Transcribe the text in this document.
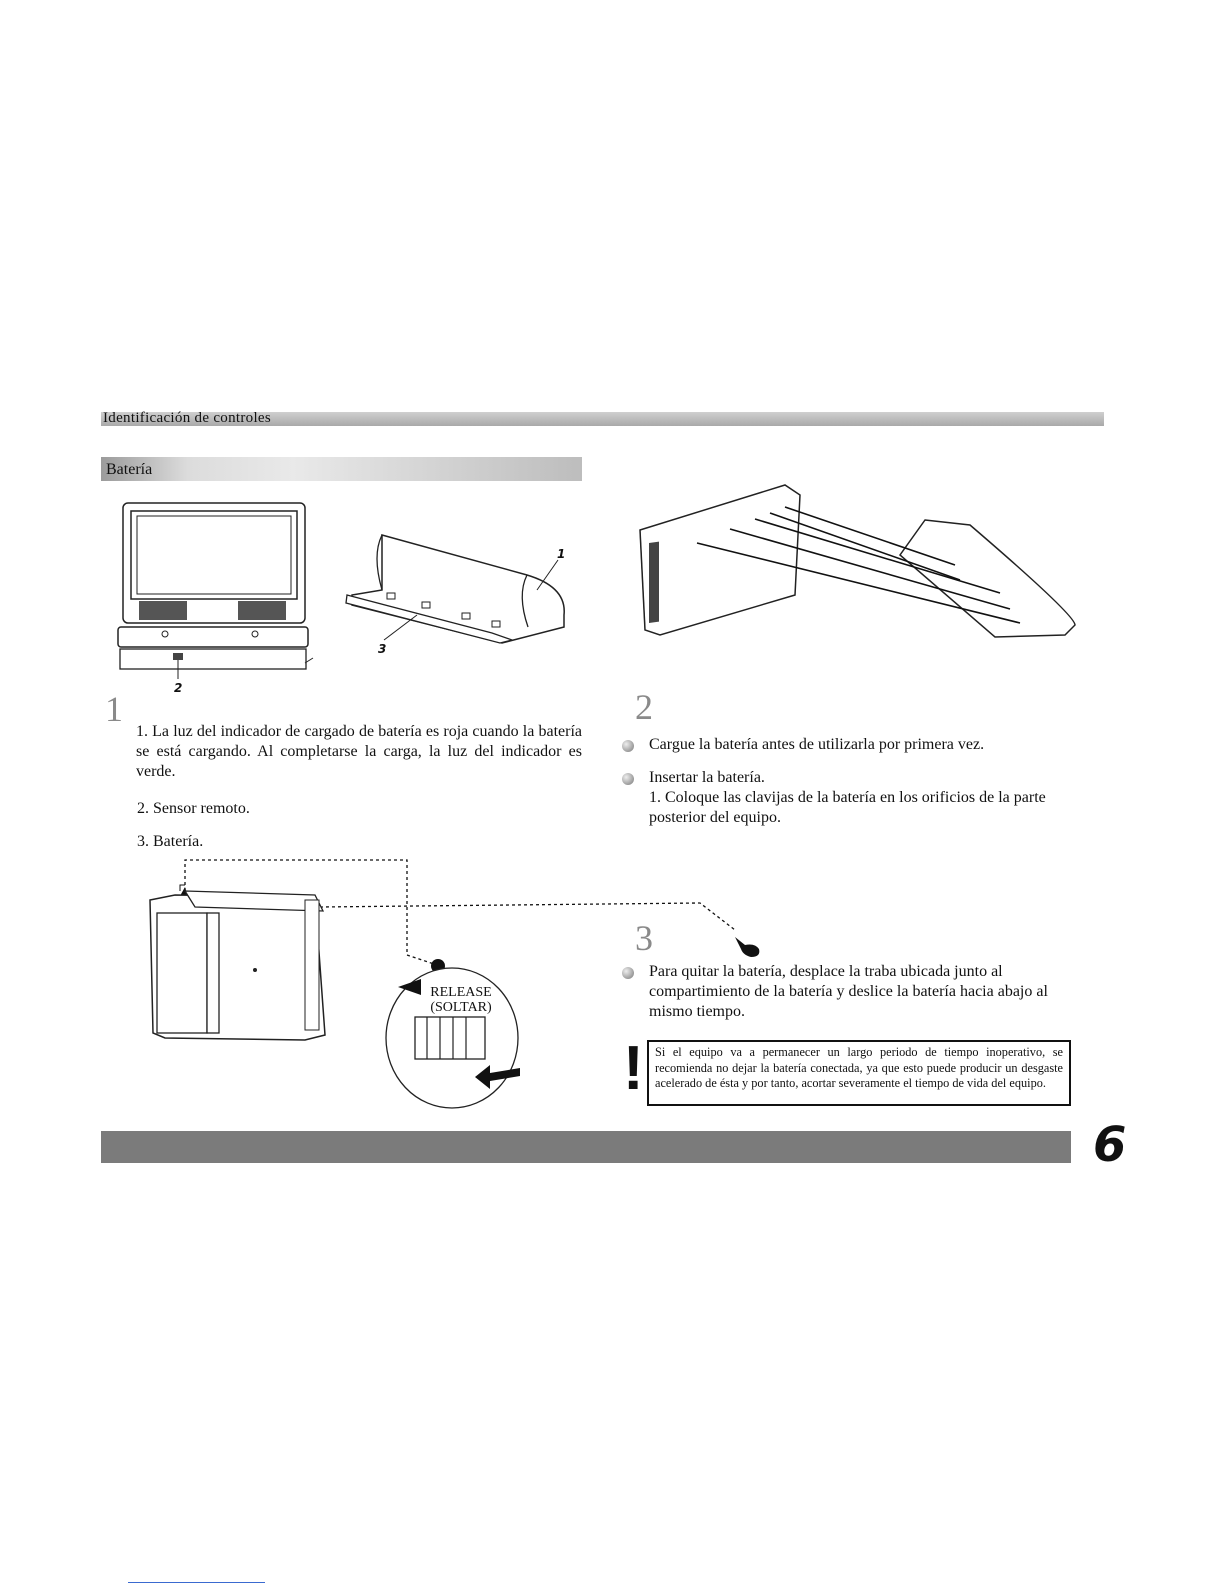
Identificación de controles
Batería
2
1
3
1	2
3
1. La luz del indicador de cargado de batería es roja cuando la batería se está cargando. Al completarse la carga, la luz del indicador es verde.
2. Sensor remoto.
3. Batería.
Cargue la batería antes de utilizarla por primera vez.
Insertar la batería.
1. Coloque las clavijas de la batería en los orificios de la parte posterior del equipo.
RELEASE
(SOLTAR)
Para quitar la batería, desplace la traba ubicada junto al compartimiento de la batería y deslice la batería hacia abajo al mismo tiempo.
! Si el equipo va a permanecer un largo periodo de tiempo inoperativo, se recomienda no dejar la batería conectada, ya que esto puede producir un desgaste acelerado de ésta y por tanto, acortar severamente el tiempo de vida del equipo.
6
